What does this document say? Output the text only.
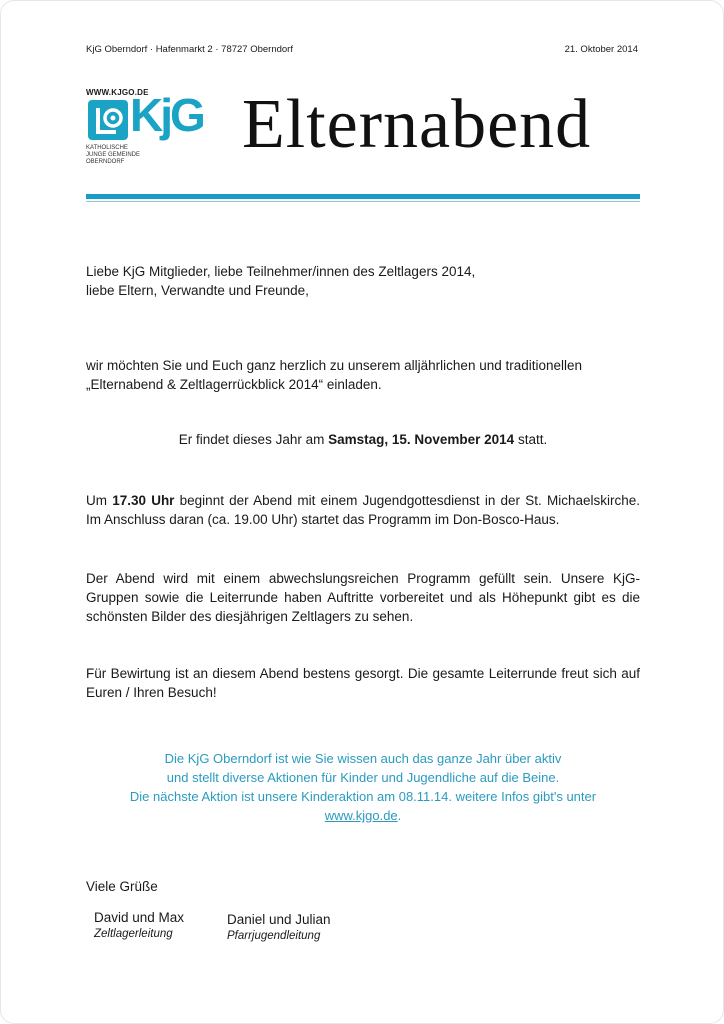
KjG Oberndorf · Hafenmarkt 2 · 78727 Oberndorf	21. Oktober 2014
WWW.KJGO.DE
KjG
KATHOLISCHE
JUNGE GEMEINDE
OBERNDORF Elternabend

Liebe KjG Mitglieder, liebe Teilnehmer/innen des Zeltlagers 2014,
liebe Eltern, Verwandte und Freunde,

wir möchten Sie und Euch ganz herzlich zu unserem alljährlichen und traditionellen
„Elternabend & Zeltlagerrückblick 2014“ einladen.

Er findet dieses Jahr am Samstag, 15. November 2014 statt.

Um 17.30 Uhr beginnt der Abend mit einem Jugendgottesdienst in der St. Michaelskirche. Im Anschluss daran (ca. 19.00 Uhr) startet das Programm im Don-Bosco-Haus.

Der Abend wird mit einem abwechslungsreichen Programm gefüllt sein. Unsere KjG-Gruppen sowie die Leiterrunde haben Auftritte vorbereitet und als Höhepunkt gibt es die schönsten Bilder des diesjährigen Zeltlagers zu sehen.

Für Bewirtung ist an diesem Abend bestens gesorgt. Die gesamte Leiterrunde freut sich auf Euren / Ihren Besuch!

Die KjG Oberndorf ist wie Sie wissen auch das ganze Jahr über aktiv
und stellt diverse Aktionen für Kinder und Jugendliche auf die Beine.
Die nächste Aktion ist unsere Kinderaktion am 08.11.14. weitere Infos gibt's unter
www.kjgo.de.

Viele Grüße

David und Max
Zeltlagerleitung
Daniel und Julian
Pfarrjugendleitung
